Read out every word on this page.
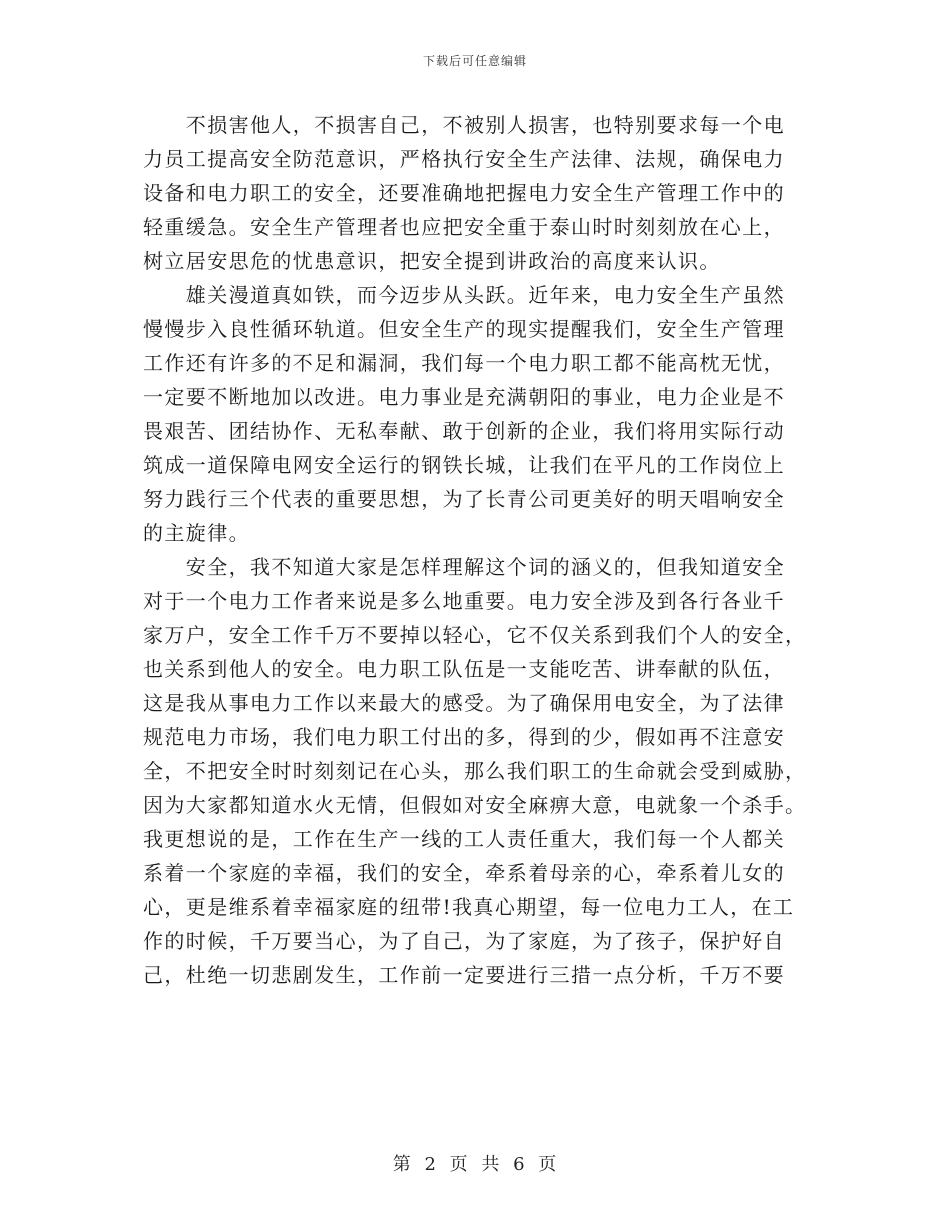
下载后可任意编辑
　　不损害他人，不损害自己，不被别人损害，也特别要求每一个电
力员工提高安全防范意识，严格执行安全生产法律、法规，确保电力
设备和电力职工的安全，还要准确地把握电力安全生产管理工作中的
轻重缓急。安全生产管理者也应把安全重于泰山时时刻刻放在心上，
树立居安思危的忧患意识，把安全提到讲政治的高度来认识。
　　雄关漫道真如铁，而今迈步从头跃。近年来，电力安全生产虽然
慢慢步入良性循环轨道。但安全生产的现实提醒我们，安全生产管理
工作还有许多的不足和漏洞，我们每一个电力职工都不能高枕无忧，
一定要不断地加以改进。电力事业是充满朝阳的事业，电力企业是不
畏艰苦、团结协作、无私奉献、敢于创新的企业，我们将用实际行动
筑成一道保障电网安全运行的钢铁长城，让我们在平凡的工作岗位上
努力践行三个代表的重要思想，为了长青公司更美好的明天唱响安全
的主旋律。
　　安全，我不知道大家是怎样理解这个词的涵义的，但我知道安全
对于一个电力工作者来说是多么地重要。电力安全涉及到各行各业千
家万户，安全工作千万不要掉以轻心，它不仅关系到我们个人的安全，
也关系到他人的安全。电力职工队伍是一支能吃苦、讲奉献的队伍，
这是我从事电力工作以来最大的感受。为了确保用电安全，为了法律
规范电力市场，我们电力职工付出的多，得到的少，假如再不注意安
全，不把安全时时刻刻记在心头，那么我们职工的生命就会受到威胁，
因为大家都知道水火无情，但假如对安全麻痹大意，电就象一个杀手。
我更想说的是，工作在生产一线的工人责任重大，我们每一个人都关
系着一个家庭的幸福，我们的安全，牵系着母亲的心，牵系着儿女的
心，更是维系着幸福家庭的纽带!我真心期望，每一位电力工人，在工
作的时候，千万要当心，为了自己，为了家庭，为了孩子，保护好自
己，杜绝一切悲剧发生，工作前一定要进行三措一点分析，千万不要
第 2 页 共 6 页
